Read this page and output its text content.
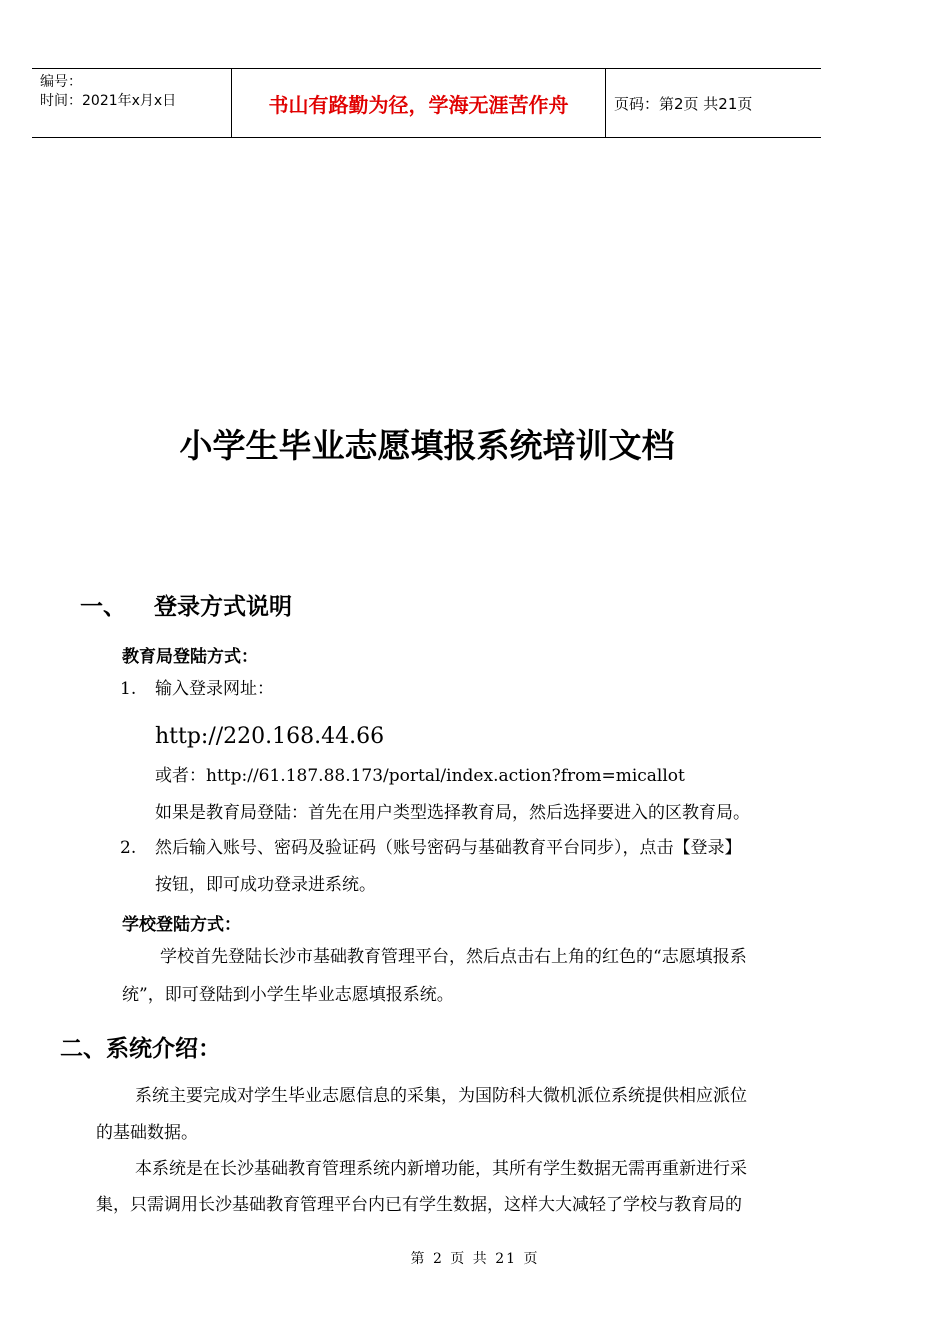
编号：
时间：2021年x月x日	书山有路勤为径，学海无涯苦作舟	页码：第2页 共21页
小学生毕业志愿填报系统培训文档
一、 登录方式说明
教育局登陆方式：
1. 输入登录网址：
http://220.168.44.66
或者：http://61.187.88.173/portal/index.action?from=micallot
如果是教育局登陆：首先在用户类型选择教育局，然后选择要进入的区教育局。
2. 然后输入账号、密码及验证码（账号密码与基础教育平台同步），点击【登录】
按钮，即可成功登录进系统。
学校登陆方式：
学校首先登陆长沙市基础教育管理平台，然后点击右上角的红色的“志愿填报系
统”，即可登陆到小学生毕业志愿填报系统。
二、系统介绍：
系统主要完成对学生毕业志愿信息的采集，为国防科大微机派位系统提供相应派位
的基础数据。
本系统是在长沙基础教育管理系统内新增功能，其所有学生数据无需再重新进行采
集，只需调用长沙基础教育管理平台内已有学生数据，这样大大减轻了学校与教育局的
第 2 页 共 21 页
